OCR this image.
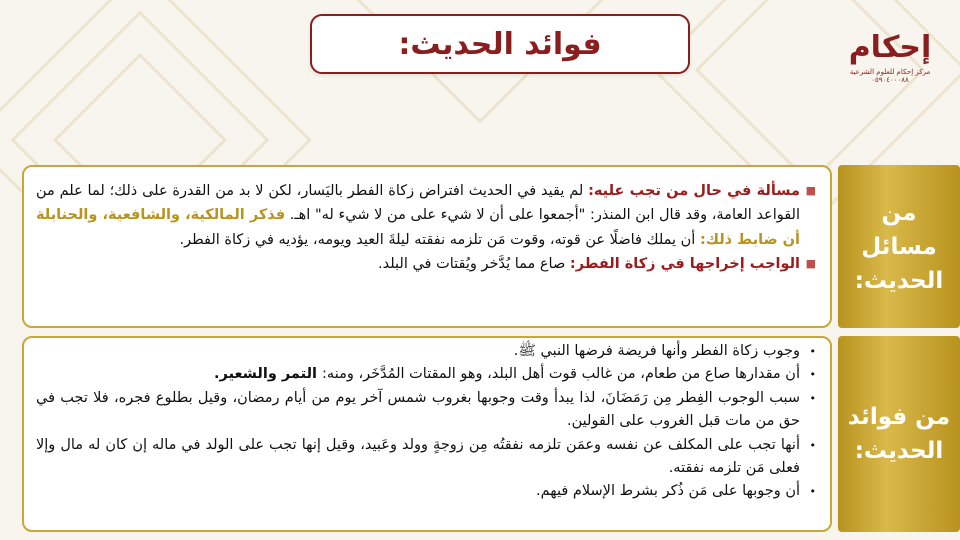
فوائد الحديث:	إحكام
مركز إحكام للعلوم الشرعية
٠٥٩٠٤٠٠٠٨٨
من
مسائل
الحديث:
■
مسألة في حال من تجب عليه: لم يقيد في الحديث افتراض زكاة الفطر باليَسار، لكن لا بد من القدرة على ذلك؛ لما علم من القواعد العامة، وقد قال ابن المنذر: "أجمعوا على أن لا شيء على من لا شيء له" اهـ. فذكر المالكية، والشافعية، والحنابلة أن ضابط ذلك: أن يملك فاضلًا عن قوته، وقوت مَن تلزمه نفقته ليلةَ العيد ويومه، يؤديه في زكاة الفطر.
■
الواجب إخراجها في زكاة الفطر: صاع مما يُدَّخر ويُقتات في البلد.
من فوائد
الحديث:
•
وجوب زكاة الفطر وأنها فريضة فرضها النبي ﷺ.
•
أن مقدارها صاع من طعام، من غالب قوت أهل البلد، وهو المقتات المُدَّخَر، ومنه: التمر والشعير.
•
سبب الوجوب الفِطر مِن رَمَضَانَ، لذا يبدأ وقت وجوبها بغروب شمس آخر يوم من أيام رمضان، وقيل بطلوع فجره، فلا تجب في حق من مات قبل الغروب على القولين.
•
أنها تجب على المكلف عن نفسه وعمَن تلزمه نفقتُه مِن زوجةٍ وولد وعَبيد، وقيل إنها تجب على الولد في ماله إن كان له مال وإلا فعلى مَن تلزمه نفقته.
•
أن وجوبها على مَن ذُكر بشرط الإسلام فيهم.
